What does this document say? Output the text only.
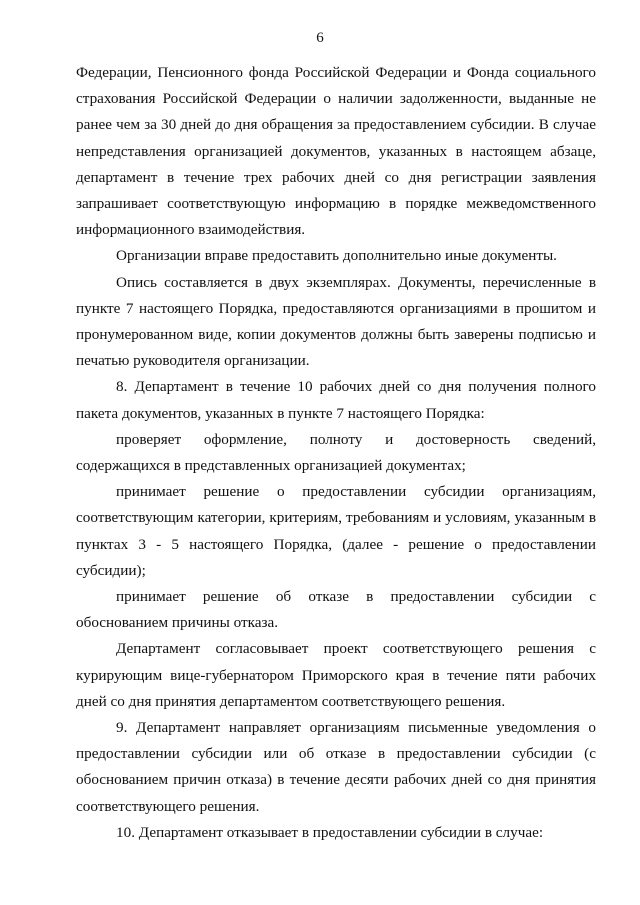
6

Федерации, Пенсионного фонда Российской Федерации и Фонда социального страхования Российской Федерации о наличии задолженности, выданные не ранее чем за 30 дней до дня обращения за предоставлением субсидии. В случае непредставления организацией документов, указанных в настоящем абзаце, департамент в течение трех рабочих дней со дня регистрации заявления запрашивает соответствующую информацию в порядке межведомственного информационного взаимодействия.

Организации вправе предоставить дополнительно иные документы.

Опись составляется в двух экземплярах. Документы, перечисленные в пункте 7 настоящего Порядка, предоставляются организациями в прошитом и пронумерованном виде, копии документов должны быть заверены подписью и печатью руководителя организации.

8. Департамент в течение 10 рабочих дней со дня получения полного пакета документов, указанных в пункте 7 настоящего Порядка:

проверяет оформление, полноту и достоверность сведений, содержащихся в представленных организацией документах;

принимает решение о предоставлении субсидии организациям, соответствующим категории, критериям, требованиям и условиям, указанным в пунктах 3 - 5 настоящего Порядка, (далее - решение о предоставлении субсидии);

принимает решение об отказе в предоставлении субсидии с обоснованием причины отказа.

Департамент согласовывает проект соответствующего решения с курирующим вице-губернатором Приморского края в течение пяти рабочих дней со дня принятия департаментом соответствующего решения.

9. Департамент направляет организациям письменные уведомления о предоставлении субсидии или об отказе в предоставлении субсидии (с обоснованием причин отказа) в течение десяти рабочих дней со дня принятия соответствующего решения.

10. Департамент отказывает в предоставлении субсидии в случае:
